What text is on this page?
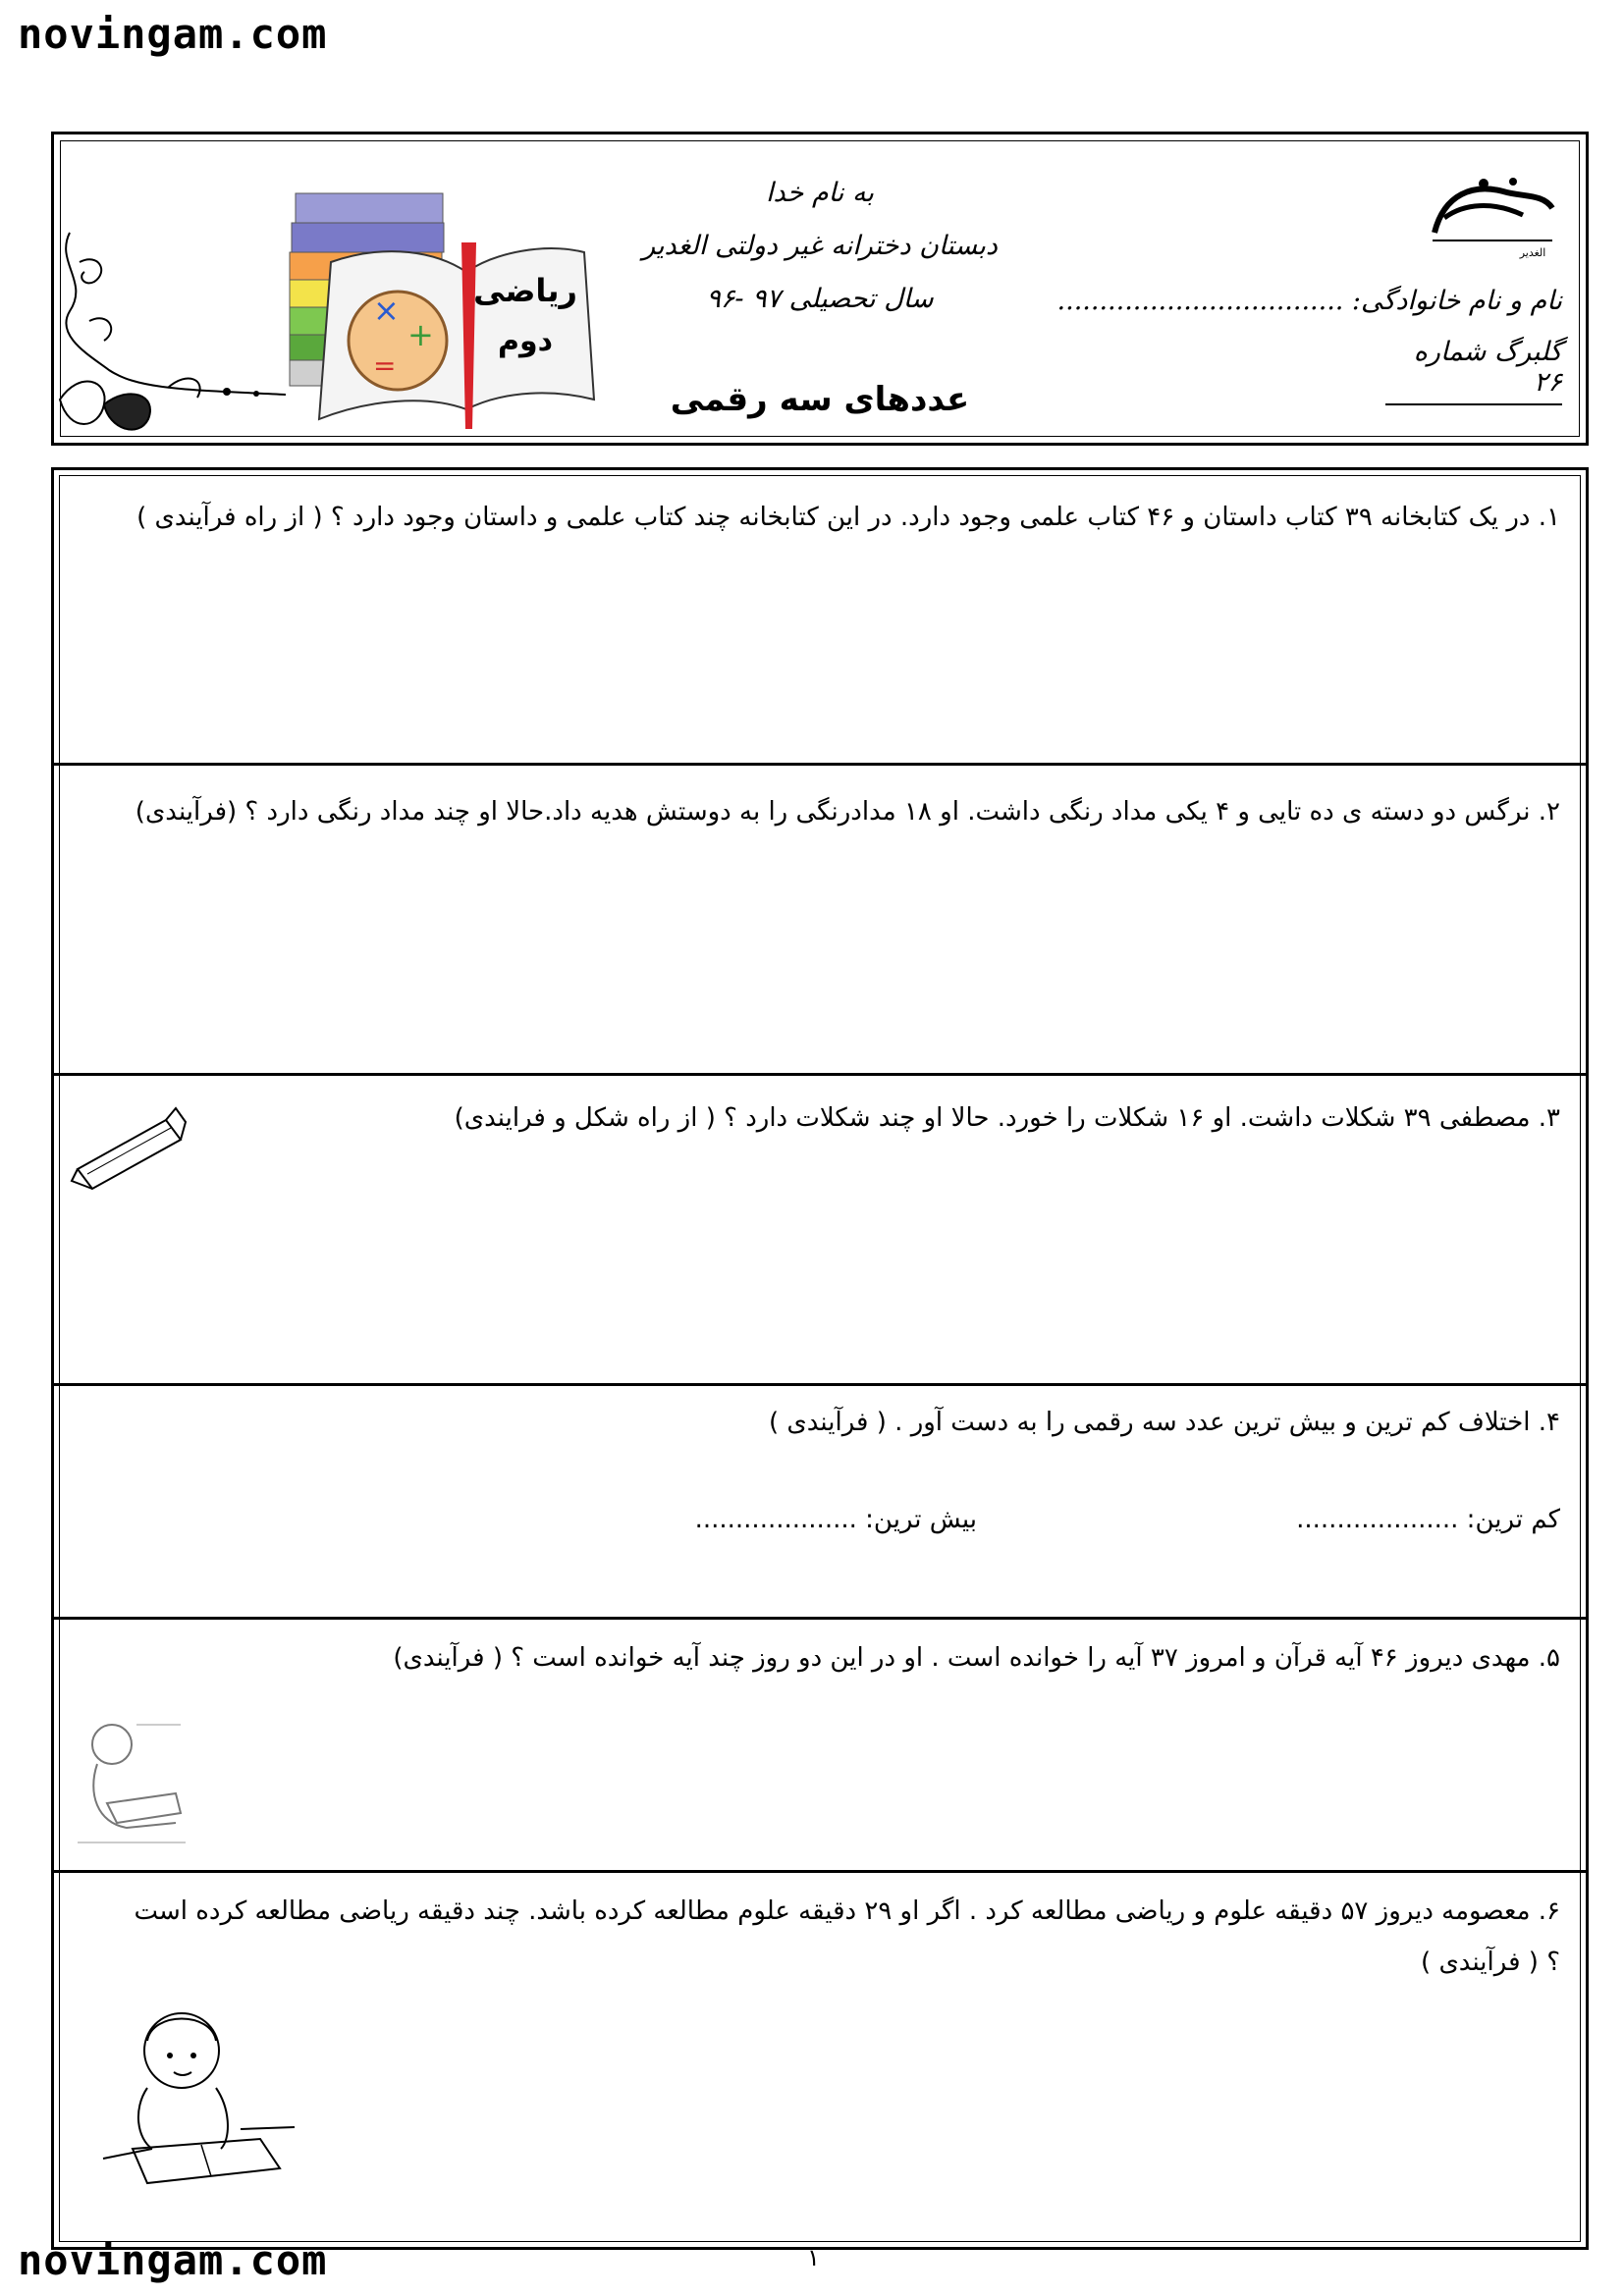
novingam.com
به نام خدا
دبستان دخترانه غیر دولتی الغدیر
سال تحصیلی ۹۷ -۹۶
عددهای سه رقمی
نام و نام خانوادگی: ..................................
گلبرگ شماره ۲۶
الغدیر
×
+
=
ریاضی
دوم
۱. در یک کتابخانه ۳۹ کتاب داستان و ۴۶ کتاب علمی وجود دارد. در این کتابخانه چند کتاب علمی و داستان وجود دارد ؟ ( از راه فرآیندی )
۲. نرگس دو دسته ی ده تایی و ۴ یکی مداد رنگی داشت. او ۱۸ مدادرنگی را به دوستش هدیه داد.حالا او چند مداد رنگی دارد ؟ (فرآیندی)
۳. مصطفی ۳۹ شکلات داشت. او ۱۶ شکلات را خورد. حالا او چند شکلات دارد ؟ ( از راه شکل و فرایندی)
۴. اختلاف کم ترین و بیش ترین عدد سه رقمی را به دست آور . ( فرآیندی )
کم ترین: ....................
بیش ترین: ....................
۵. مهدی دیروز ۴۶ آیه قرآن و امروز ۳۷ آیه را خوانده است . او در این دو روز چند آیه خوانده است ؟ ( فرآیندی)
۶. معصومه دیروز ۵۷ دقیقه علوم و ریاضی مطالعه کرد . اگر او ۲۹ دقیقه علوم مطالعه کرده باشد. چند دقیقه ریاضی مطالعه کرده است ؟ ( فرآیندی )
۱
novingam.com
